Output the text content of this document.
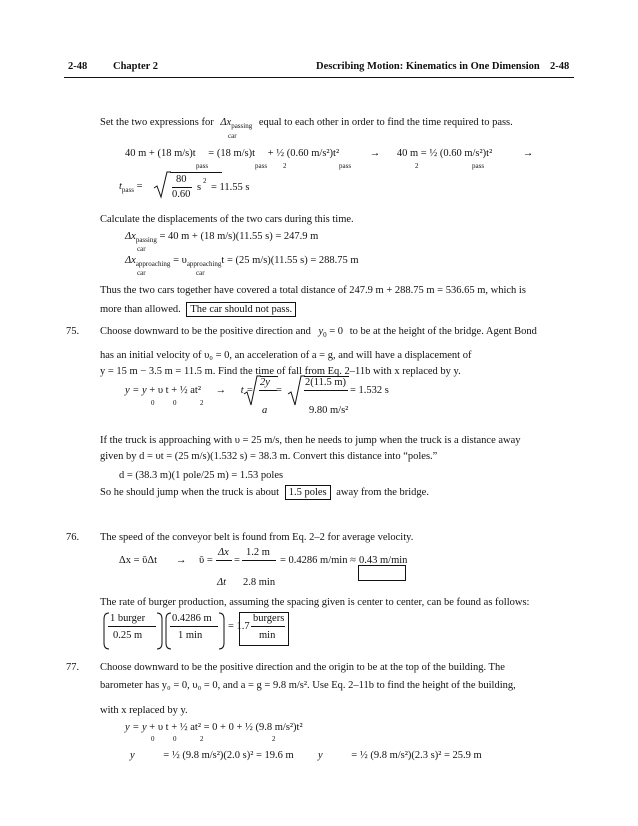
2-48 Chapter 2	Describing Motion: Kinematics in One Dimension 2-48
Set the two expressions for $\Delta x_{passing}$ equal to each other in order to find the time required to pass.
car
40 m + (18 m/s)t = (18 m/s)t + ½ (0.60 m/s²)t²	→ 40 m = ½ (0.60 m/s²)t²	→
pass	pass 2	pass	2	pass
$t_{pass}$ =
80
0.60
s
2
= 11.55 s
Calculate the displacements of the two cars during this time.
$\Delta x_{passing} = 40$ m + (18 m/s)(11.55 s) = 247.9 m
car
$\Delta x_{approaching} = \upsilon_{approaching}t = (25$ m/s)(11.55 s) = 288.75 m
car	car
Thus the two cars together have covered a total distance of 247.9 m + 288.75 m = 536.65 m, which is
more than allowed. The car should not pass.
75. Choose downward to be the positive direction and $y_0 = 0$ to be at the height of the bridge. Agent Bond
has an initial velocity of υ₀ = 0, an acceleration of a = g, and will have a displacement of
y = 15 m − 3.5 m = 11.5 m. Find the time of fall from Eq. 2–11b with x replaced by y.
y = y + υ t + ½ at² → t =
0	0	2
2y
a
=
2(11.5 m)
9.80 m/s²
= 1.532 s
If the truck is approaching with υ = 25 m/s, then he needs to jump when the truck is a distance away
given by d = υt = (25 m/s)(1.532 s) = 38.3 m. Convert this distance into “poles.”
d = (38.3 m)(1 pole/25 m) = 1.53 poles
So he should jump when the truck is about 1.5 poles away from the bridge.
76. The speed of the conveyor belt is found from Eq. 2–2 for average velocity.
Δx = ῡΔt → ῡ =
Δx
=
1.2 m
= 0.4286 m/min ≈ 0.43 m/min
Δt 2.8 min
The rate of burger production, assuming the spacing given is center to center, can be found as follows:
1 burger
0.25 m
0.4286 m
1 min
= 1.7
burgers
min
77. Choose downward to be the positive direction and the origin to be at the top of the building. The
barometer has y₀ = 0, υ₀ = 0, and a = g = 9.8 m/s². Use Eq. 2–11b to find the height of the building,
with x replaced by y.
y = y + υ t + ½ at² = 0 + 0 + ½ (9.8 m/s²)t²
0	0	2	2
y	= ½ (9.8 m/s²)(2.0 s)² = 19.6 m y	= ½ (9.8 m/s²)(2.3 s)² = 25.9 m
